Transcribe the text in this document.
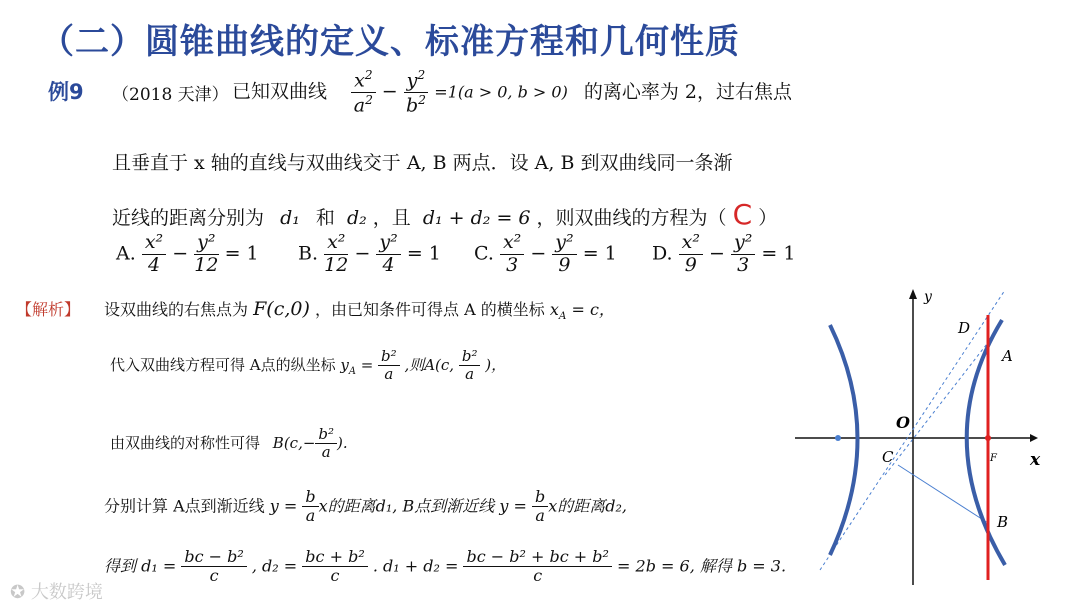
（二）圆锥曲线的定义、标准方程和几何性质
例9 （2018 天津） 已知双曲线 $\frac{x^2}{a^2} - \frac{y^2}{b^2} =1(a > 0$, b > 0) 的离心率为 2，过右焦点
且垂直于 x 轴的直线与双曲线交于 A, B 两点．设 A, B 到双曲线同一条渐
近线的距离分别为 d₁ 和 d₂ ，且 d₁ + d₂ = 6 ，则双曲线的方程为（ C ）
A. $\frac{\text{x²}}{4} - \frac{\text{y²}}{12} = 1$ B. $\frac{\text{x²}}{12} - \frac{\text{y²}}{4} = 1$ C. $\frac{\text{x²}}{3} - \frac{\text{y²}}{9} = 1$ D. $\frac{\text{x²}}{9} - \frac{\text{y²}}{3} = 1$
【解析】 设双曲线的右焦点为 F(c,0) ，由已知条件可得点 A 的横坐标 $x_A = c$，
代入双曲线方程可得 A点的纵坐标 $y_A = \frac{\text{b²}}{a}$ ,则A(c, $\frac{\text{b²}}{a}$ )，
由双曲线的对称性可得 $B(c,- \frac{\text{b²}}{a}$ ).
分别计算 A点到渐近线 $y = \frac{b}{a}$ x的距离d₁, B点到渐近线 $y = \frac{b}{a}$ x的距离d₂,
得到 $d_1 = \frac{\text{bc − b²}}{c}$ , $d_2 = \frac{\text{bc + b²}}{c}$ . $d_1 + d_2 = \frac{\text{bc − b² + bc + b²}}{c} = 2b = 6$, 解得 b = 3.
✪ 大数跨境
y
x
O
D
A
C	F
B
